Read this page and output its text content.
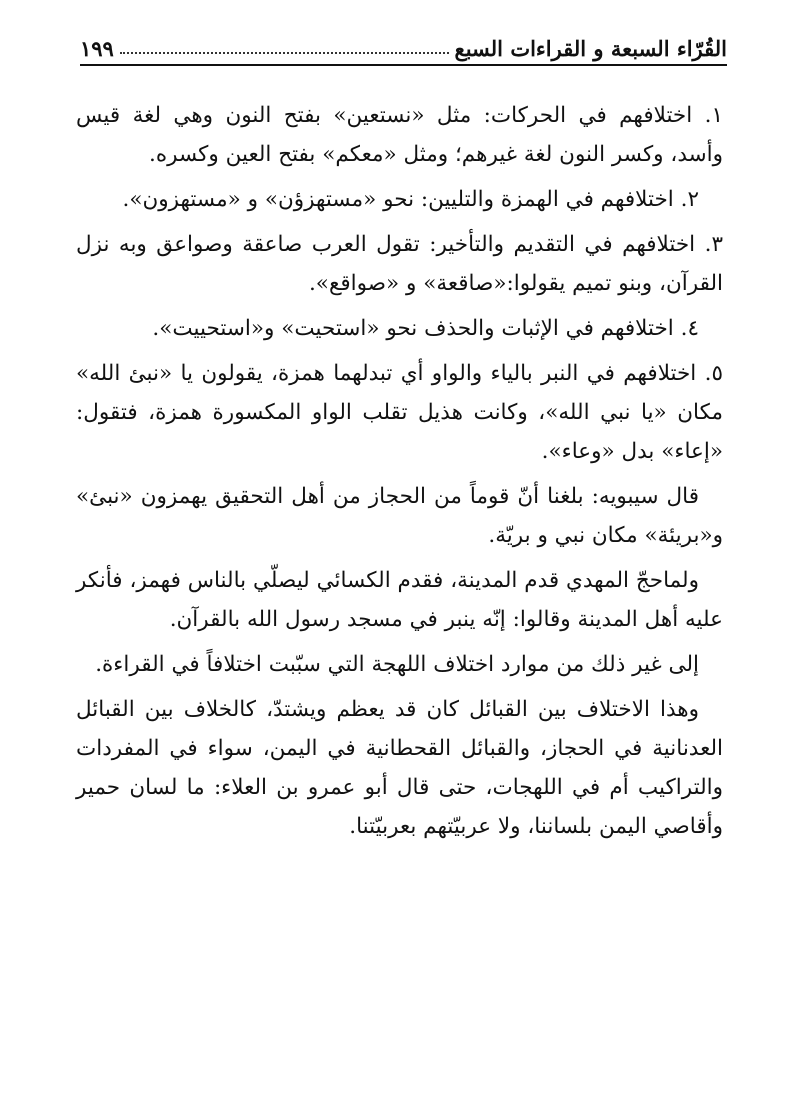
القُرّاء السبعة و القراءات السبع
١٩٩

١. اختلافهم في الحركات: مثل «نستعين» بفتح النون وهي لغة قيس وأسد، وكسر النون لغة غيرهم؛ ومثل «معكم» بفتح العين وكسره.

٢. اختلافهم في الهمزة والتليين: نحو «مستهزؤن» و «مستهزون».

٣. اختلافهم في التقديم والتأخير: تقول العرب صاعقة وصواعق وبه نزل القرآن، وبنو تميم يقولوا:«صاقعة» و «صواقع».

٤. اختلافهم في الإثبات والحذف نحو «استحيت» و«استحييت».

٥. اختلافهم في النبر بالياء والواو أي تبدلهما همزة، يقولون يا «نبئ الله» مكان «يا نبي الله»، وكانت هذيل تقلب الواو المكسورة همزة، فتقول: «إعاء» بدل «وعاء».

قال سيبويه: بلغنا أنّ قوماً من الحجاز من أهل التحقيق يهمزون «نبئ» و«بريئة» مكان نبي و بريّة.

ولماحجّ المهدي قدم المدينة، فقدم الكسائي ليصلّي بالناس فهمز، فأنكر عليه أهل المدينة وقالوا: إنّه ينبر في مسجد رسول الله بالقرآن.

إلى غير ذلك من موارد اختلاف اللهجة التي سبّبت اختلافاً في القراءة.

وهذا الاختلاف بين القبائل كان قد يعظم ويشتدّ، كالخلاف بين القبائل العدنانية في الحجاز، والقبائل القحطانية في اليمن، سواء في المفردات والتراكيب أم في اللهجات، حتى قال أبو عمرو بن العلاء: ما لسان حمير وأقاصي اليمن بلساننا، ولا عربيّتهم بعربيّتنا.
